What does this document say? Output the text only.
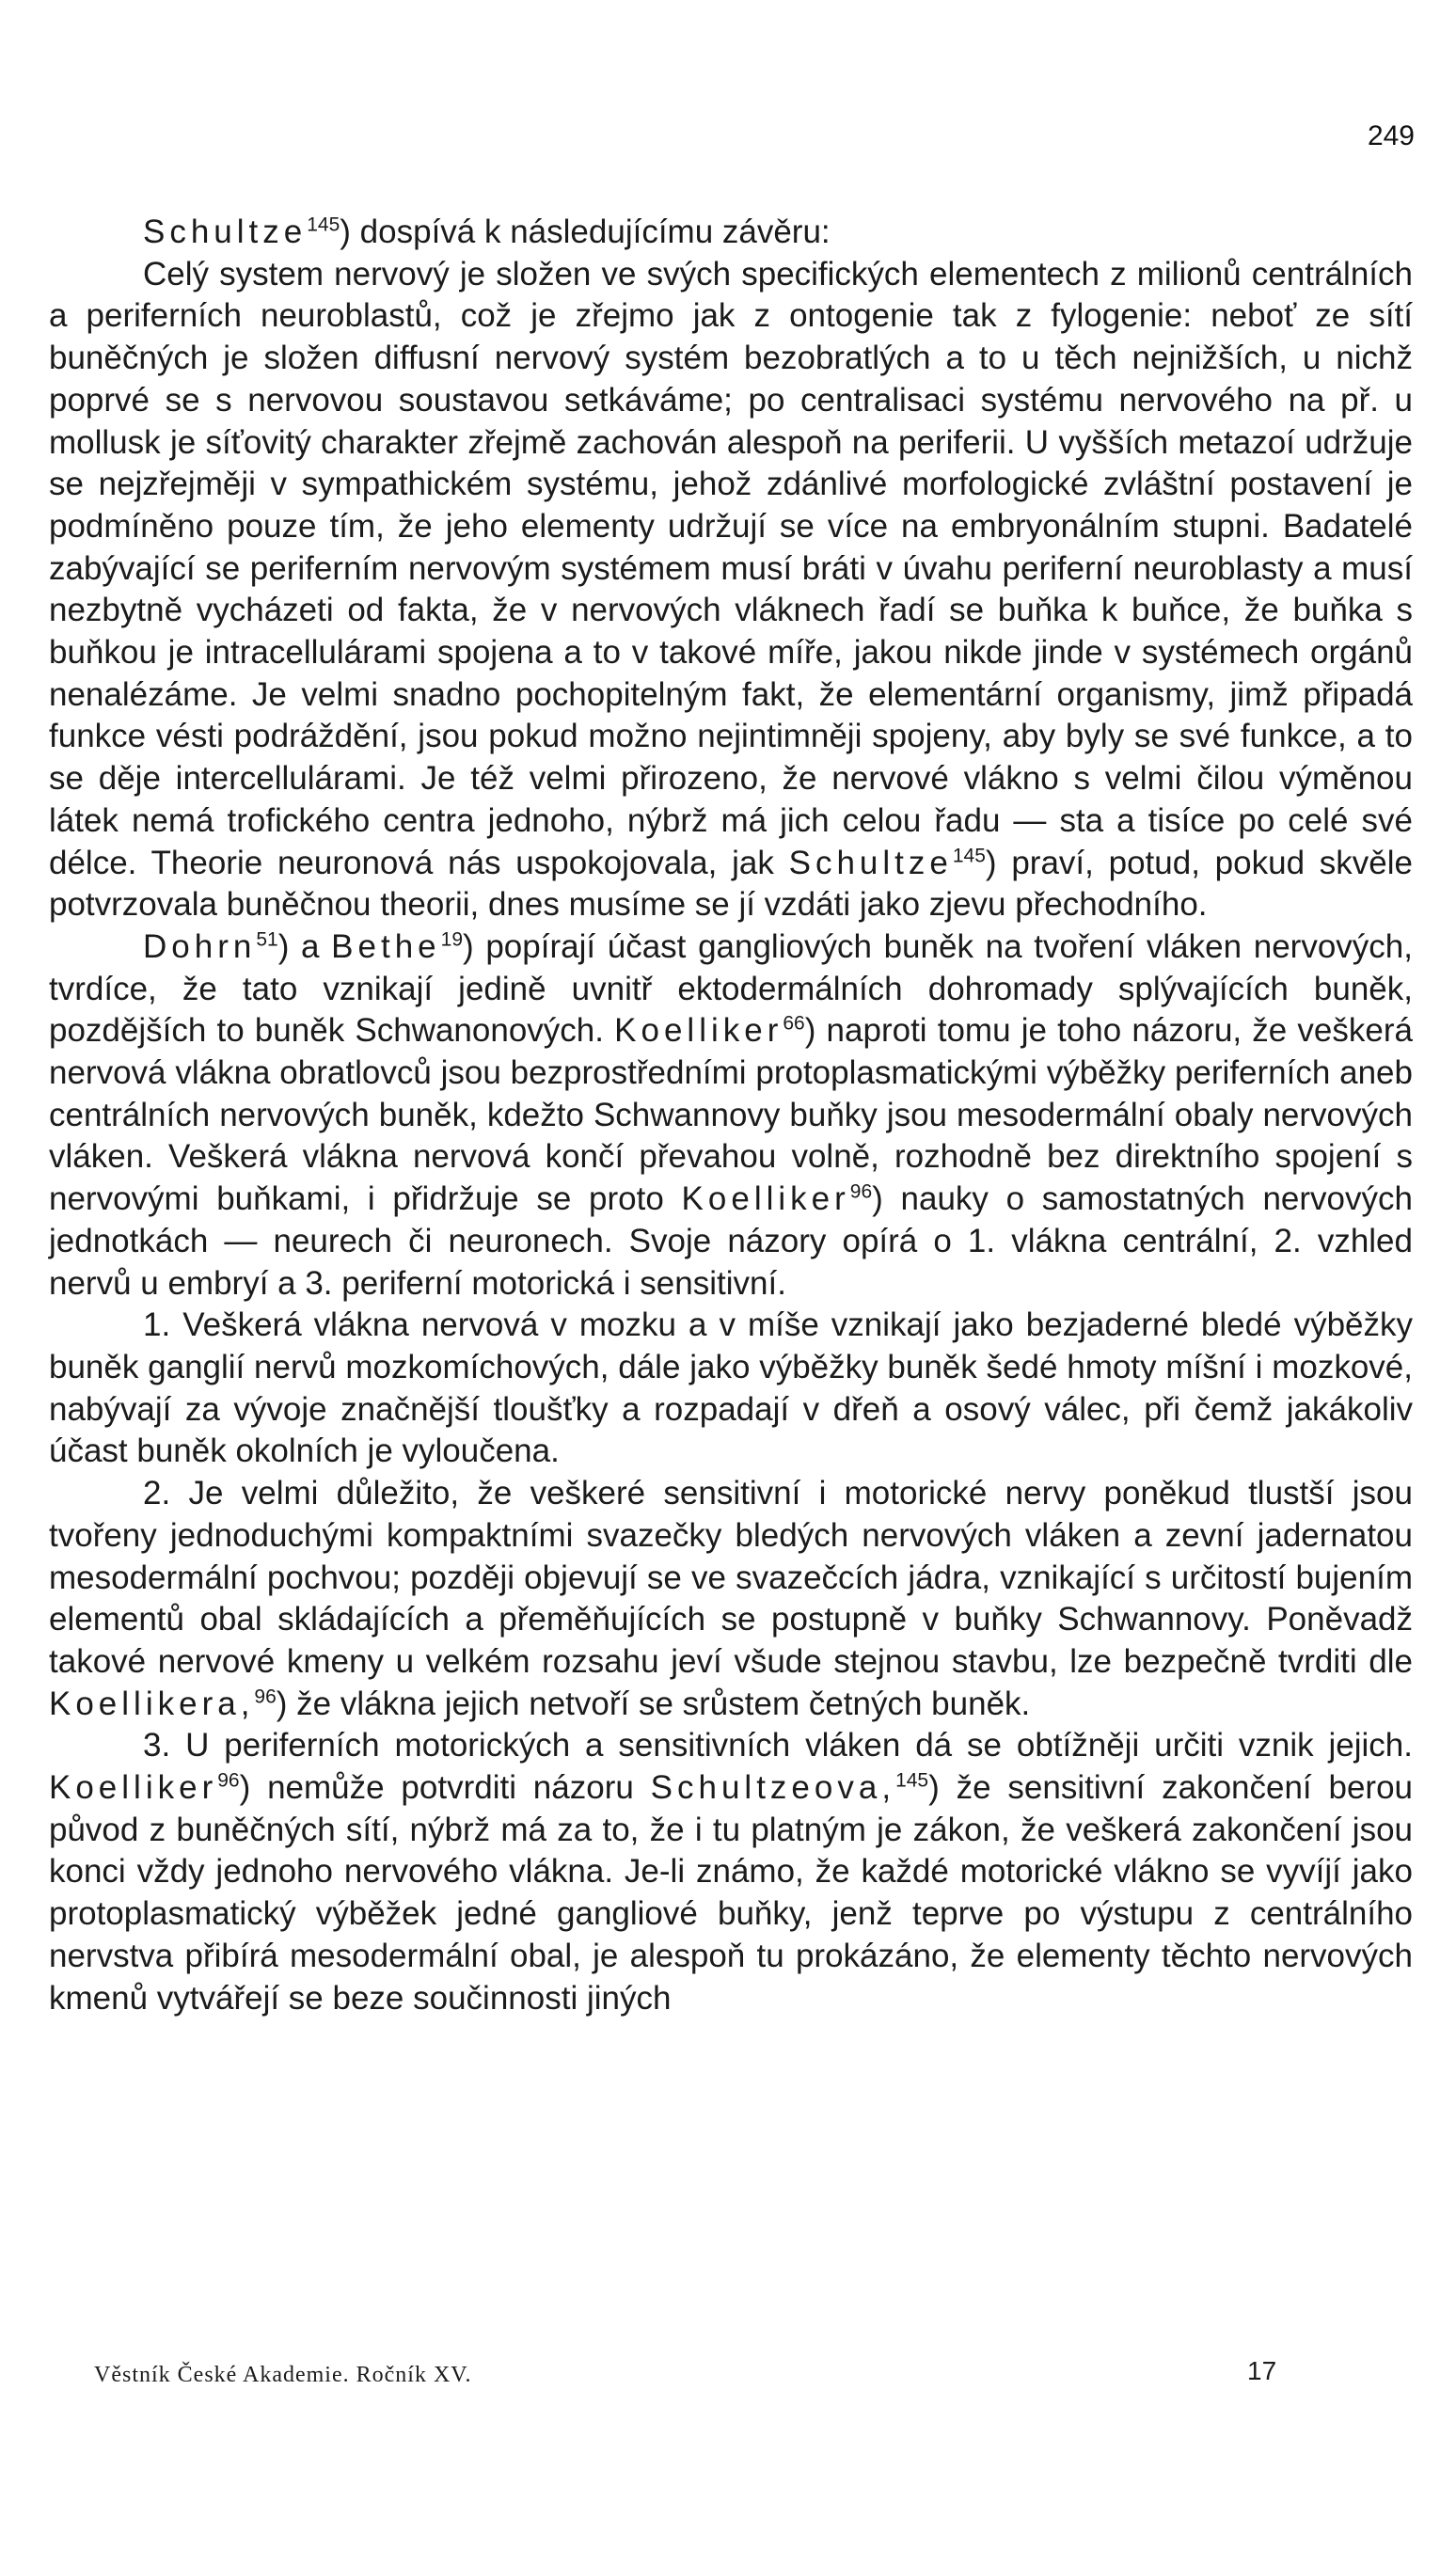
249

Schultze$^{145}$) dospívá k následujícímu závěru:

Celý system nervový je složen ve svých specifických elementech z milionů centrálních a periferních neuroblastů, což je zřejmo jak z ontogenie tak z fylogenie: neboť ze sítí buněčných je složen diffusní nervový systém bezobratlých a to u těch nejnižších, u nichž poprvé se s nervovou soustavou setkáváme; po centralisaci systému nervového na př. u mollusk je síťovitý charakter zřejmě zachován alespoň na periferii. U vyšších metazoí udržuje se nejzřejměji v sympathickém systému, jehož zdánlivé morfologické zvláštní postavení je podmíněno pouze tím, že jeho elementy udržují se více na embryonálním stupni. Badatelé zabývající se periferním nervovým systémem musí bráti v úvahu periferní neuroblasty a musí nezbytně vycházeti od fakta, že v nervových vláknech řadí se buňka k buňce, že buňka s buňkou je intracellulárami spojena a to v takové míře, jakou nikde jinde v systémech orgánů nenalézáme. Je velmi snadno pochopitelným fakt, že elementární organismy, jimž připadá funkce vésti podráždění, jsou pokud možno nejintimněji spojeny, aby byly se své funkce, a to se děje intercellulárami. Je též velmi přirozeno, že nervové vlákno s velmi čilou výměnou látek nemá trofického centra jednoho, nýbrž má jich celou řadu — sta a tisíce po celé své délce. Theorie neuronová nás uspokojovala, jak Schultze$^{145}$) praví, potud, pokud skvěle potvrzovala buněčnou theorii, dnes musíme se jí vzdáti jako zjevu přechodního.

Dohrn$^{51}$) a Bethe$^{19}$) popírají účast gangliových buněk na tvoření vláken nervových, tvrdíce, že tato vznikají jedině uvnitř ektodermálních dohromady splývajících buněk, pozdějších to buněk Schwanonových. Koelliker$^{66}$) naproti tomu je toho názoru, že veškerá nervová vlákna obratlovců jsou bezprostředními protoplasmatickými výběžky periferních aneb centrálních nervových buněk, kdežto Schwannovy buňky jsou mesodermální obaly nervových vláken. Veškerá vlákna nervová končí převahou volně, rozhodně bez direktního spojení s nervovými buňkami, i přidržuje se proto Koelliker$^{96}$) nauky o samostatných nervových jednotkách — neurech či neuronech. Svoje názory opírá o 1. vlákna centrální, 2. vzhled nervů u embryí a 3. periferní motorická i sensitivní.

1. Veškerá vlákna nervová v mozku a v míše vznikají jako bezjaderné bledé výběžky buněk ganglií nervů mozkomíchových, dále jako výběžky buněk šedé hmoty míšní i mozkové, nabývají za vývoje značnější tloušťky a rozpadají v dřeň a osový válec, při čemž jakákoliv účast buněk okolních je vyloučena.

2. Je velmi důležito, že veškeré sensitivní i motorické nervy poněkud tlustší jsou tvořeny jednoduchými kompaktními svazečky bledých nervových vláken a zevní jadernatou mesodermální pochvou; později objevují se ve svazečcích jádra, vznikající s určitostí bujením elementů obal skládajících a přeměňujících se postupně v buňky Schwannovy. Poněvadž takové nervové kmeny u velkém rozsahu jeví všude stejnou stavbu, lze bezpečně tvrditi dle Koellikera,$^{96}$) že vlákna jejich netvoří se srůstem četných buněk.

3. U periferních motorických a sensitivních vláken dá se obtížněji určiti vznik jejich. Koelliker$^{96}$) nemůže potvrditi názoru Schultzeova,$^{145}$) že sensitivní zakončení berou původ z buněčných sítí, nýbrž má za to, že i tu platným je zákon, že veškerá zakončení jsou konci vždy jednoho nervového vlákna. Je-li známo, že každé motorické vlákno se vyvíjí jako protoplasmatický výběžek jedné gangliové buňky, jenž teprve po výstupu z centrálního nervstva přibírá mesodermální obal, je alespoň tu prokázáno, že elementy těchto nervových kmenů vytvářejí se beze součinnosti jiných

Věstník České Akademie. Ročník XV.	17
